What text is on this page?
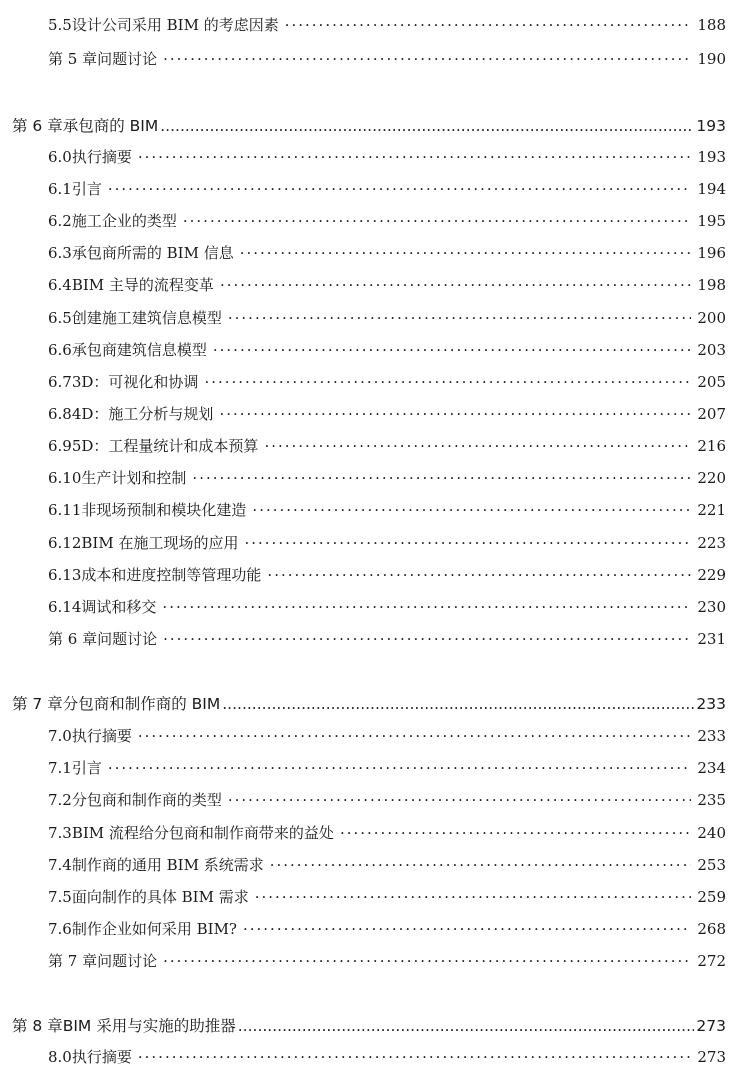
5.5 设计公司采用 BIM 的考虑因素 ·····	188
第 5 章 问题讨论 ·····	190
第 6 章 承包商的 BIM .....	193
6.0 执行摘要 ·····	193
6.1 引言 ·····	194
6.2 施工企业的类型 ·····	195
6.3 承包商所需的 BIM 信息 ·····	196
6.4 BIM 主导的流程变革 ·····	198
6.5 创建施工建筑信息模型 ·····	200
6.6 承包商建筑信息模型 ·····	203
6.7 3D：可视化和协调 ·····	205
6.8 4D：施工分析与规划 ·····	207
6.9 5D：工程量统计和成本预算 ·····	216
6.10 生产计划和控制 ·····	220
6.11 非现场预制和模块化建造 ·····	221
6.12 BIM 在施工现场的应用 ·····	223
6.13 成本和进度控制等管理功能 ·····	229
6.14 调试和移交 ·····	230
第 6 章 问题讨论 ·····	231
第 7 章 分包商和制作商的 BIM .....	233
7.0 执行摘要 ·····	233
7.1 引言 ·····	234
7.2 分包商和制作商的类型 ·····	235
7.3 BIM 流程给分包商和制作商带来的益处 ·····	240
7.4 制作商的通用 BIM 系统需求 ·····	253
7.5 面向制作的具体 BIM 需求 ·····	259
7.6 制作企业如何采用 BIM? ·····	268
第 7 章 问题讨论 ·····	272
第 8 章 BIM 采用与实施的助推器 .....	273
8.0 执行摘要 ·····	273
